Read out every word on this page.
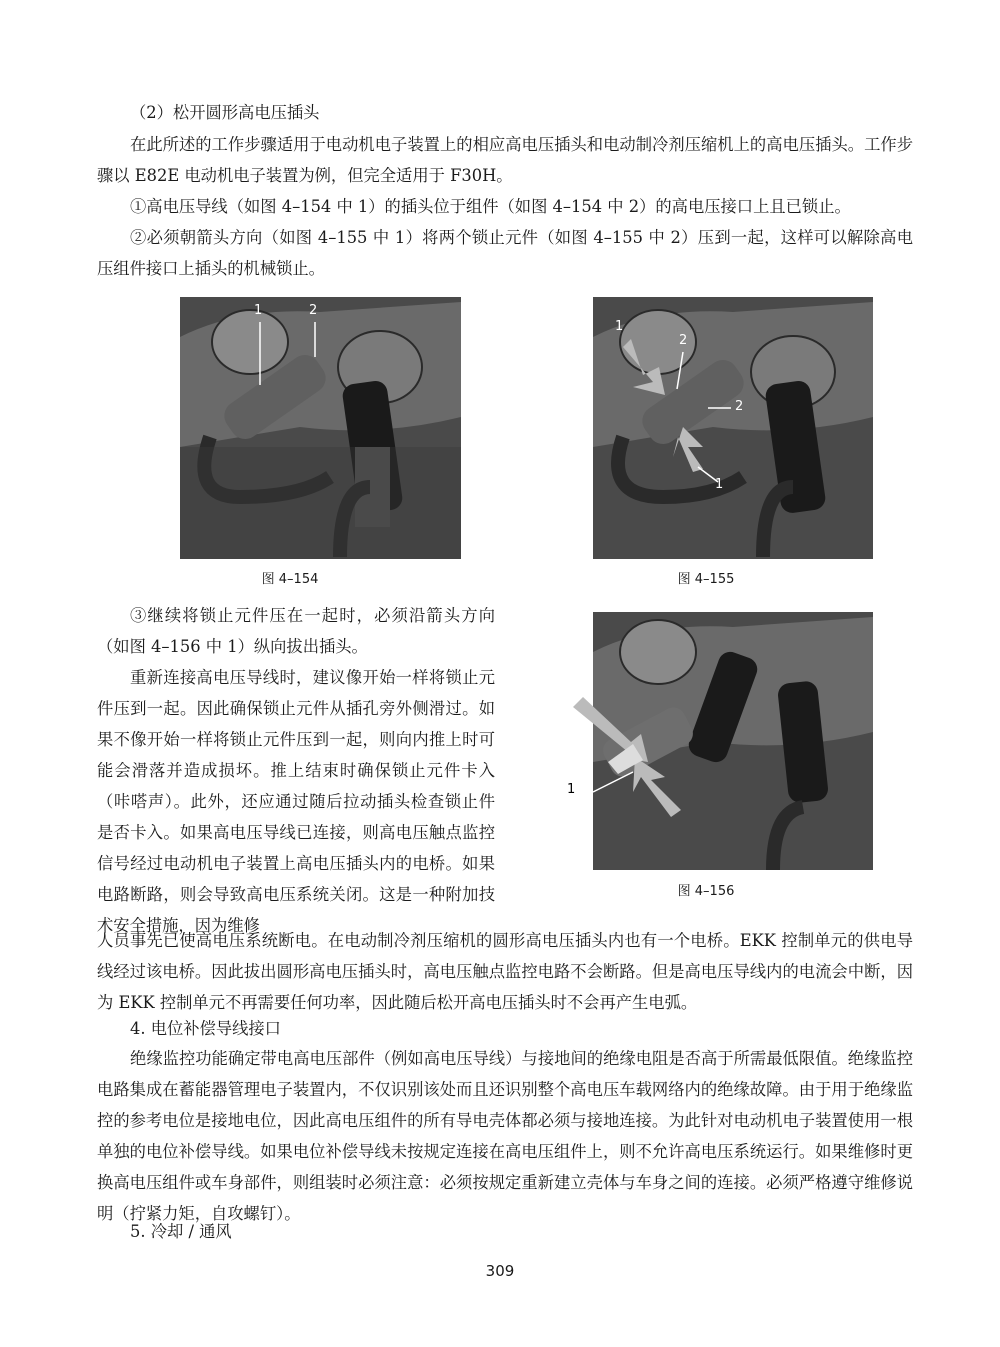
（2）松开圆形高电压插头
在此所述的工作步骤适用于电动机电子装置上的相应高电压插头和电动制冷剂压缩机上的高电压插头。工作步骤以 E82E 电动机电子装置为例，但完全适用于 F30H。
①高电压导线（如图 4–154 中 1）的插头位于组件（如图 4–154 中 2）的高电压接口上且已锁止。
②必须朝箭头方向（如图 4–155 中 1）将两个锁止元件（如图 4–155 中 2）压到一起，这样可以解除高电压组件接口上插头的机械锁止。
1	2
图 4–154
1
2
2
1
图 4–155
③继续将锁止元件压在一起时，必须沿箭头方向（如图 4–156 中 1）纵向拔出插头。
重新连接高电压导线时，建议像开始一样将锁止元件压到一起。因此确保锁止元件从插孔旁外侧滑过。如果不像开始一样将锁止元件压到一起，则向内推上时可能会滑落并造成损坏。推上结束时确保锁止元件卡入（咔嗒声）。此外，还应通过随后拉动插头检查锁止件是否卡入。如果高电压导线已连接，则高电压触点监控信号经过电动机电子装置上高电压插头内的电桥。如果电路断路，则会导致高电压系统关闭。这是一种附加技术安全措施，因为维修
1
图 4–156
人员事先已使高电压系统断电。在电动制冷剂压缩机的圆形高电压插头内也有一个电桥。EKK 控制单元的供电导线经过该电桥。因此拔出圆形高电压插头时，高电压触点监控电路不会断路。但是高电压导线内的电流会中断，因为 EKK 控制单元不再需要任何功率，因此随后松开高电压插头时不会再产生电弧。
4. 电位补偿导线接口
绝缘监控功能确定带电高电压部件（例如高电压导线）与接地间的绝缘电阻是否高于所需最低限值。绝缘监控电路集成在蓄能器管理电子装置内，不仅识别该处而且还识别整个高电压车载网络内的绝缘故障。由于用于绝缘监控的参考电位是接地电位，因此高电压组件的所有导电壳体都必须与接地连接。为此针对电动机电子装置使用一根单独的电位补偿导线。如果电位补偿导线未按规定连接在高电压组件上，则不允许高电压系统运行。如果维修时更换高电压组件或车身部件，则组装时必须注意：必须按规定重新建立壳体与车身之间的连接。必须严格遵守维修说明（拧紧力矩，自攻螺钉）。
5. 冷却 / 通风
309
